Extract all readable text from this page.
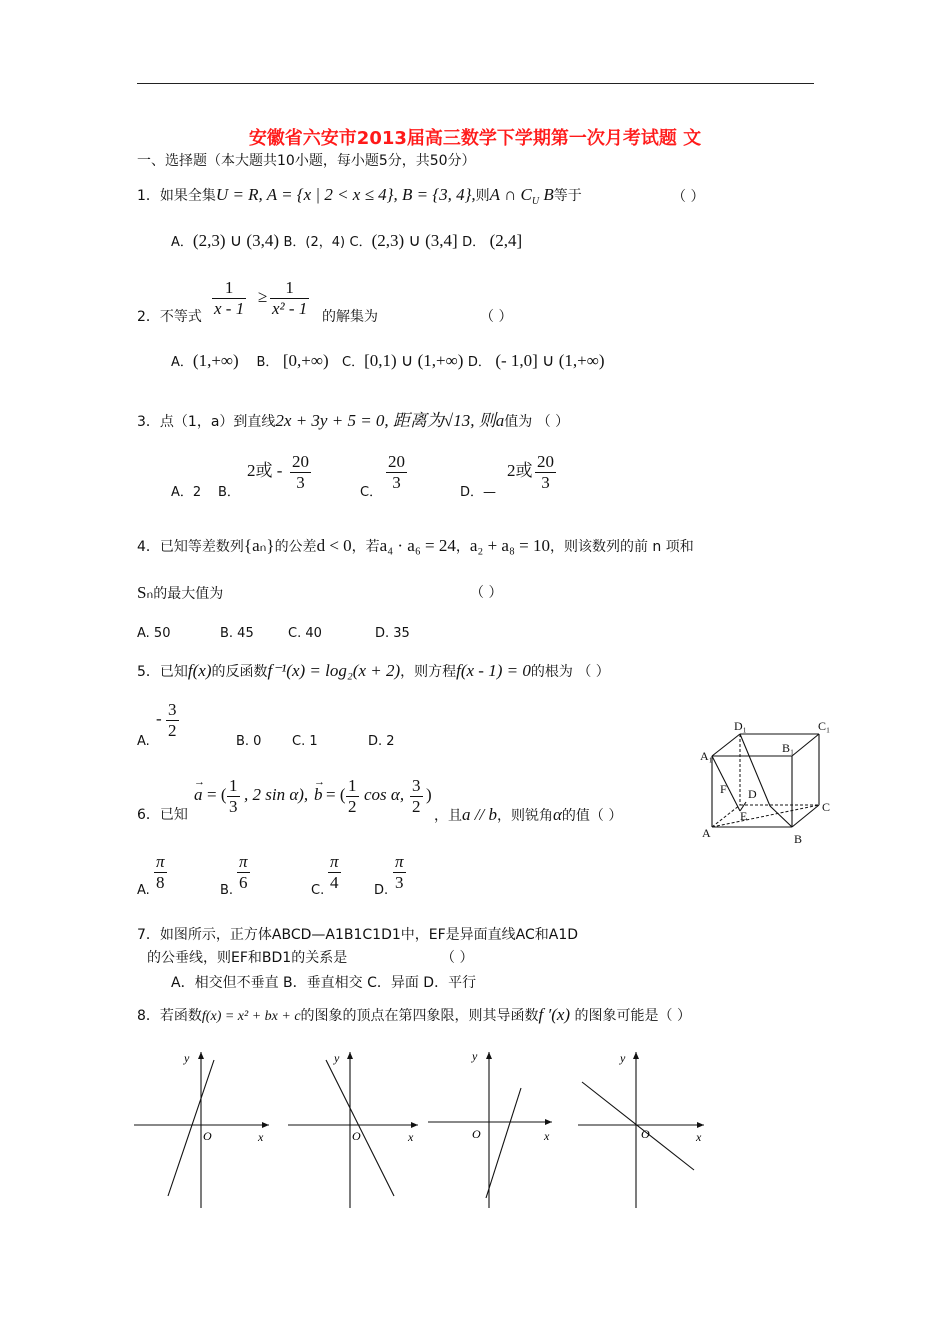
安徽省六安市2013届高三数学下学期第一次月考试题 文
一、选择题（本大题共10小题，每小题5分，共50分）
1．如果全集U = R, A = {x | 2 < x ≤ 4}, B = {3, 4},则A ∩ $C_U$ B等于	（ ）
A．(2,3) ∪ (3,4) B．(2，4) C．(2,3) ∪ (3,4] D． (2,4]
2．不等式 $\frac{1}{x - 1} \ge \frac{1}{\text{x² - 1}}$ 的解集为	（ ）
A．(1,+∞) B． [0,+∞) C．[0,1) ∪ (1,+∞) D． (- 1,0] ∪ (1,+∞)
3．点（1，a）到直线2x + 3y + 5 = 0, 距离为√13, 则a值为 （ ）
A．2 B．
2或 - $\frac{20}{3}$	C． $\frac{20}{3}$	D．—
2或 $\frac{20}{3}$
4．已知等差数列{aₙ}的公差d < 0，若a₄ · a₆ = 24，a₂ + a₈ = 10，则该数列的前 n 项和
Sₙ的最大值为	（ ）
A. 50	B. 45	C. 40	D. 35
5．已知f(x)的反函数f⁻¹(x) = log₂(x + 2)，则方程f(x - 1) = 0的根为 （ ）
A.
- $\frac{3}{2}$
B. 0 C. 1	D. 2
D₁	C₁
A₁
B₁
F D
C
E
A	B
6．已知
a
→
= ( $\frac{1}{3}$ , 2 sin α), b
→
= ( $\frac{1}{2}$ cos α, $\frac{3}{2}$ )
，且a // b，则锐角α的值（ ）
A. $\frac{\pi}{8}$	B. $\frac{\pi}{6}$	C. $\frac{\pi}{4}$	D. $\frac{\pi}{3}$
7．如图所示，正方体ABCD—A1B1C1D1中，EF是异面直线AC和A1D
的公垂线，则EF和BD1的关系是	（ ）
A．相交但不垂直 B．垂直相交 C．异面 D．平行
8．若函数f(x) = x² + bx + c的图象的顶点在第四象限，则其导函数f ′(x) 的图象可能是（ ）
y
x
O
y
x
O
y
x
O
y
x
O
